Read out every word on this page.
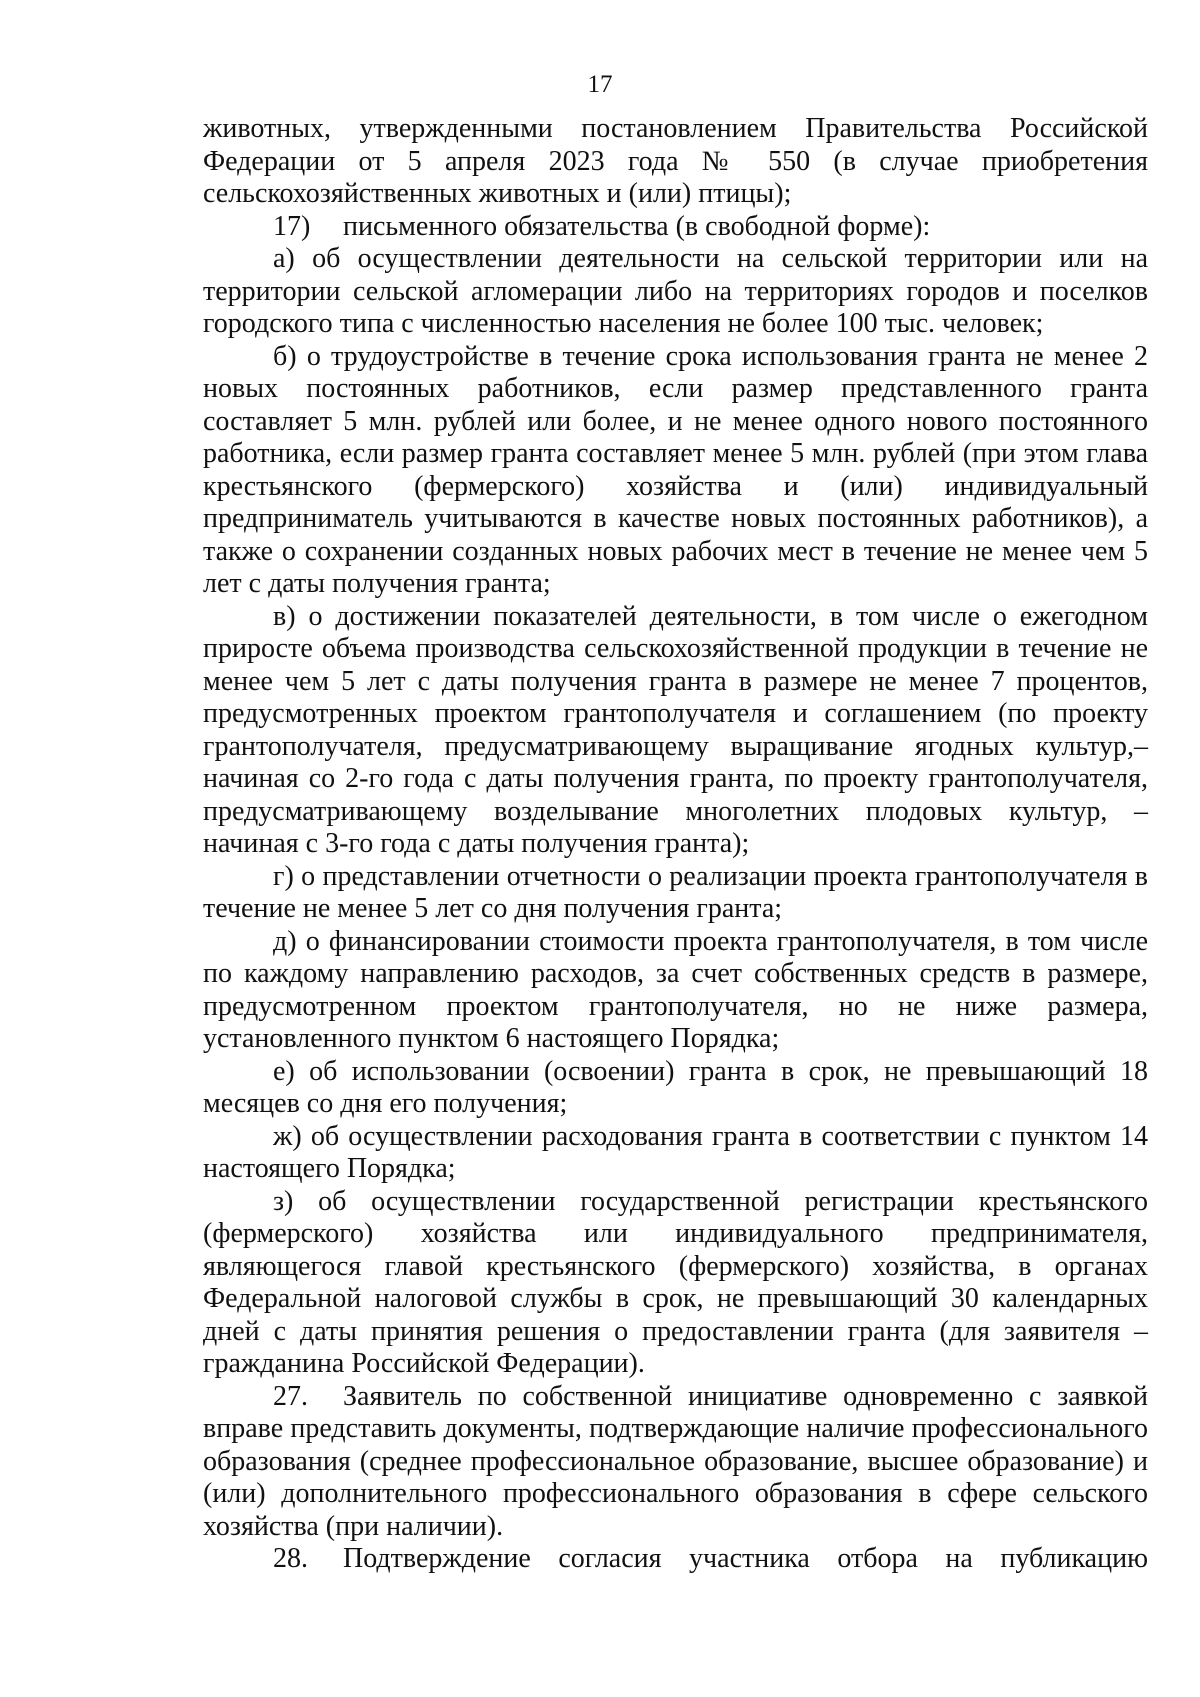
17

животных, утвержденными постановлением Правительства Российской Федерации от 5 апреля 2023 года № 550 (в случае приобретения сельскохозяйственных животных и (или) птицы);

17) письменного обязательства (в свободной форме):

а) об осуществлении деятельности на сельской территории или на территории сельской агломерации либо на территориях городов и поселков городского типа с численностью населения не более 100 тыс. человек;

б) о трудоустройстве в течение срока использования гранта не менее 2 новых постоянных работников, если размер представленного гранта составляет 5 млн. рублей или более, и не менее одного нового постоянного работника, если размер гранта составляет менее 5 млн. рублей (при этом глава крестьянского (фермерского) хозяйства и (или) индивидуальный предприниматель учитываются в качестве новых постоянных работников), а также о сохранении созданных новых рабочих мест в течение не менее чем 5 лет с даты получения гранта;

в) о достижении показателей деятельности, в том числе о ежегодном приросте объема производства сельскохозяйственной продукции в течение не менее чем 5 лет с даты получения гранта в размере не менее 7 процентов, предусмотренных проектом грантополучателя и соглашением (по проекту грантополучателя, предусматривающему выращивание ягодных культур,– начиная со 2-го года с даты получения гранта, по проекту грантополучателя, предусматривающему возделывание многолетних плодовых культур, – начиная с 3-го года с даты получения гранта);

г) о представлении отчетности о реализации проекта грантополучателя в течение не менее 5 лет со дня получения гранта;

д) о финансировании стоимости проекта грантополучателя, в том числе по каждому направлению расходов, за счет собственных средств в размере, предусмотренном проектом грантополучателя, но не ниже размера, установленного пунктом 6 настоящего Порядка;

е) об использовании (освоении) гранта в срок, не превышающий 18 месяцев со дня его получения;

ж) об осуществлении расходования гранта в соответствии с пунктом 14 настоящего Порядка;

з) об осуществлении государственной регистрации крестьянского (фермерского) хозяйства или индивидуального предпринимателя, являющегося главой крестьянского (фермерского) хозяйства, в органах Федеральной налоговой службы в срок, не превышающий 30 календарных дней с даты принятия решения о предоставлении гранта (для заявителя – гражданина Российской Федерации).

27. Заявитель по собственной инициативе одновременно с заявкой вправе представить документы, подтверждающие наличие профессионального образования (среднее профессиональное образование, высшее образование) и (или) дополнительного профессионального образования в сфере сельского хозяйства (при наличии).

28. Подтверждение согласия участника отбора на публикацию
